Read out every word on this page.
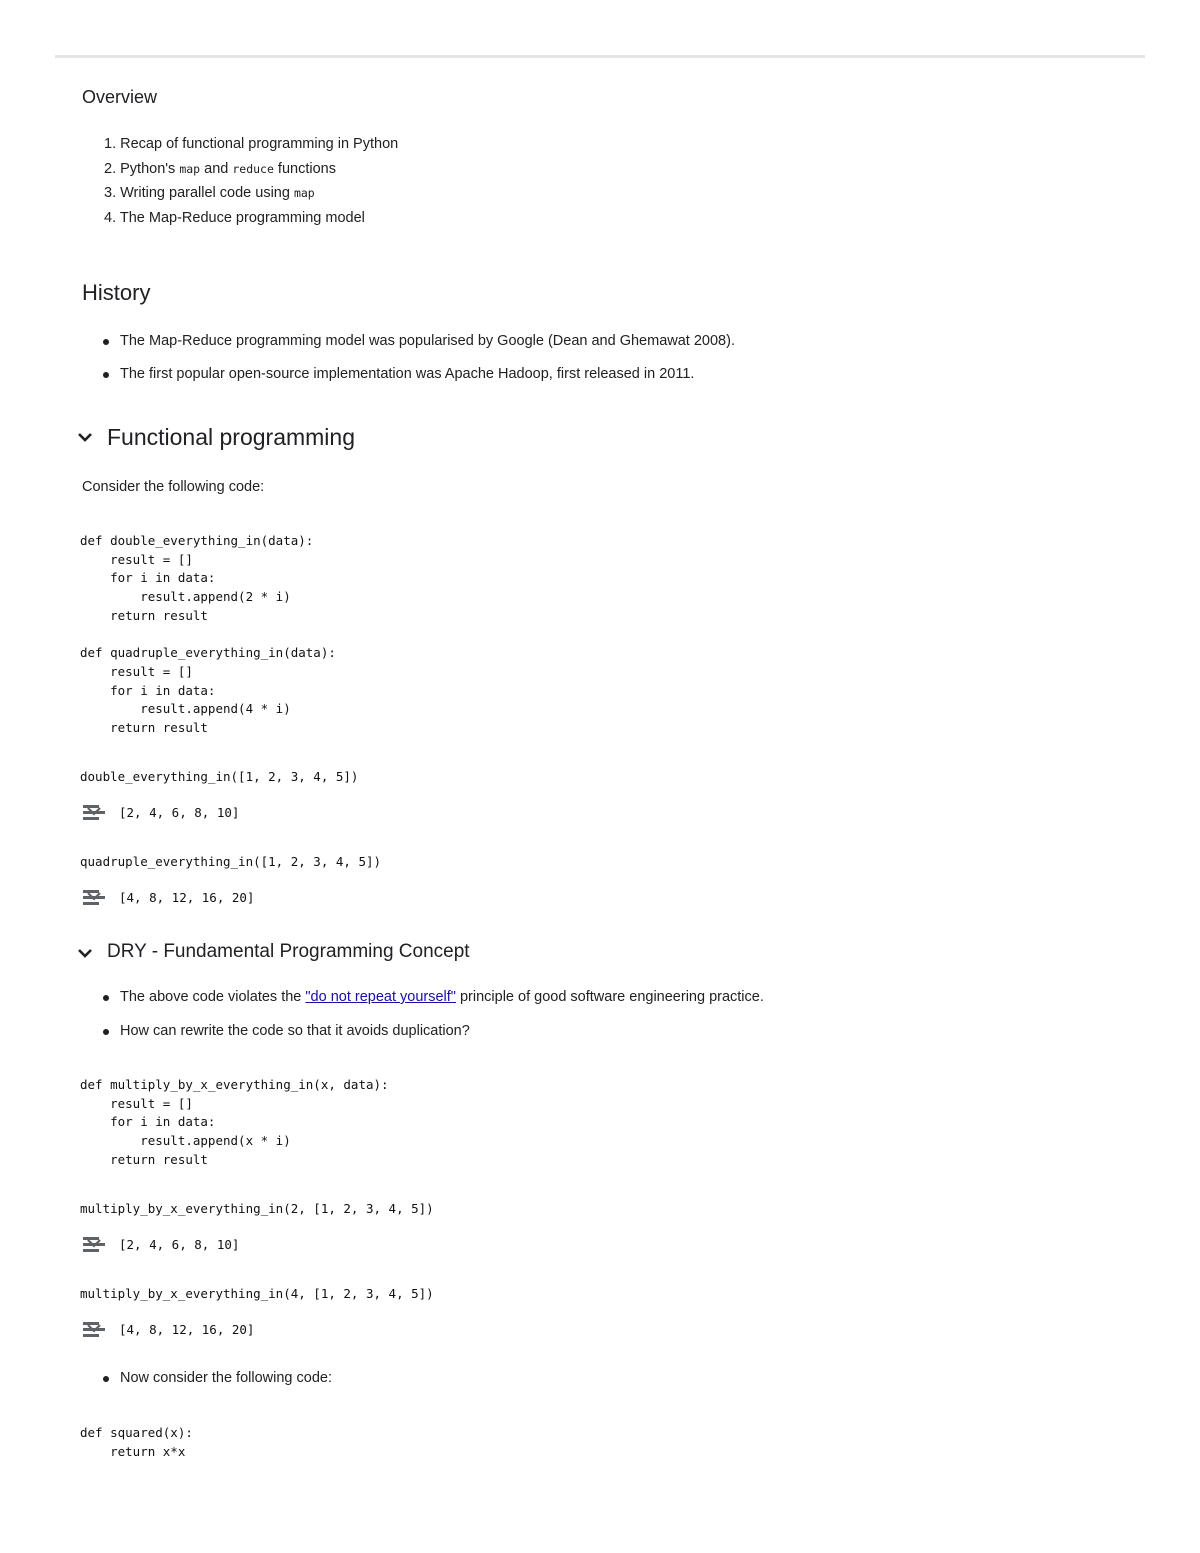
Overview
1. Recap of functional programming in Python
2. Python's map and reduce functions
3. Writing parallel code using map
4. The Map-Reduce programming model
History
The Map-Reduce programming model was popularised by Google (Dean and Ghemawat 2008).
The first popular open-source implementation was Apache Hadoop, first released in 2011.
Functional programming
Consider the following code:
def double_everything_in(data):
result = []
for i in data:
result.append(2 * i)
return result

def quadruple_everything_in(data):
result = []
for i in data:
result.append(4 * i)
return result
double_everything_in([1, 2, 3, 4, 5])
[2, 4, 6, 8, 10]
quadruple_everything_in([1, 2, 3, 4, 5])
[4, 8, 12, 16, 20]
DRY - Fundamental Programming Concept
The above code violates the "do not repeat yourself" principle of good software engineering practice.
How can rewrite the code so that it avoids duplication?
def multiply_by_x_everything_in(x, data):
result = []
for i in data:
result.append(x * i)
return result
multiply_by_x_everything_in(2, [1, 2, 3, 4, 5])
[2, 4, 6, 8, 10]
multiply_by_x_everything_in(4, [1, 2, 3, 4, 5])
[4, 8, 12, 16, 20]
Now consider the following code:
def squared(x):
return x*x
